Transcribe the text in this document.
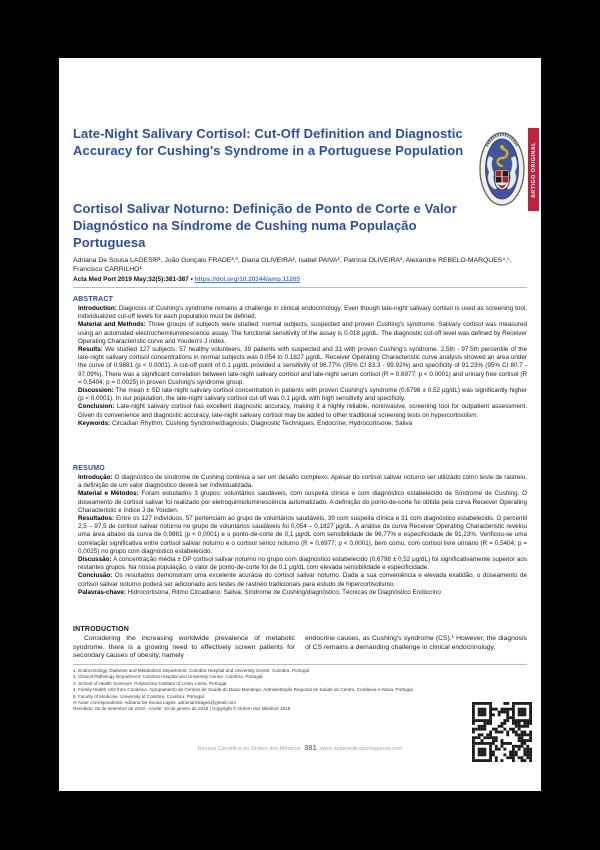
Late-Night Salivary Cortisol: Cut-Off Definition and Diagnostic Accuracy for Cushing's Syndrome in a Portuguese Population
Cortisol Salivar Noturno: Definição de Ponto de Corte e Valor Diagnóstico na Síndrome de Cushing numa População Portuguesa
Adriana De Sousa LAGES✉¹, João Gonçalo FRADE²,³, Diana OLIVEIRA¹, Isabel PAIVA¹, Patrícia OLIVEIRA¹, Alexandre REBELO-MARQUES⁴,⁵, Francisco CARRILHO¹
Acta Med Port 2019 May;32(5):381-387 • https://doi.org/10.20344/amp.11265
ABSTRACT

Introduction: Diagnosis of Cushing's syndrome remains a challenge in clinical endocrinology. Even though late-night salivary cortisol is used as screening tool, individualized cut-off levels for each population must be defined.

Material and Methods: Three groups of subjects were studied: normal subjects, suspected and proven Cushing's syndrome. Salivary cortisol was measured using an automated electrochemiluminescence assay. The functional sensitivity of the assay is 0.018 μg/dL. The diagnostic cut-off level was defined by Receiver Operating Characteristic curve and Youden's J index.

Results: We studied 127 subjects: 57 healthy volunteers, 39 patients with suspected and 31 with proven Cushing's syndrome. 2.5th - 97.5th percentile of the late-night salivary cortisol concentrations in normal subjects was 0.054 to 0.1827 μg/dL. Receiver Operating Characteristic curve analysis showed an area under the curve of 0.9881 (p < 0.0001). A cut-off point of 0.1 μg/dL provided a sensitivity of 96.77% (95% CI 83.3 - 99.92%) and specificity of 91.23% (95% CI 80.7 - 97.09%). There was a significant correlation between late-night salivary cortisol and late-night serum cortisol (R = 0.6977; p < 0.0001) and urinary free cortisol (R = 0.5404; p = 0.0025) in proven Cushing's syndrome group.

Discussion: The mean ± SD late-night salivary cortisol concentration in patients with proven Cushing's syndrome (0.6798 ± 0.52 μg/dL) was significantly higher (p < 0.0001). In our population, the late-night salivary cortisol cut-off was 0.1 μg/dL with high sensitivity and specificity.

Conclusion: Late-night salivary cortisol has excellent diagnostic accuracy, making it a highly reliable, noninvasive, screening tool for outpatient assessment. Given its convenience and diagnostic accuracy, late-night salivary cortisol may be added to other traditional screening tests on hypercortisolism.

Keywords: Circadian Rhythm; Cushing Syndrome/diagnosis; Diagnostic Techniques, Endocrine; Hydrocortisone; Saliva

RESUMO

Introdução: O diagnóstico de síndrome de Cushing continua a ser um desafio complexo. Apesar do cortisol salivar noturno ser utilizado como teste de rastreio, a definição de um valor diagnóstico deverá ser individualizada.

Material e Métodos: Foram estudados 3 grupos: voluntários saudáveis, com suspeita clínica e com diagnóstico estabelecido de Síndrome de Cushing. O doseamento de cortisol salivar foi realizado por eletroquimioluminescência automatizado. A definição do ponto-de-corte foi obtida pela curva Receiver Operating Characteristic e índice J de Youden.

Resultados: Entre os 127 indivíduos, 57 pertenciam ao grupo de voluntários saudáveis, 39 com suspeita clínica e 31 com diagnóstico estabelecido. O percentil 2,5 – 97,5 de cortisol salivar noturno no grupo de voluntários saudáveis foi 0,054 – 0,1827 μg/dL. A análise da curva Receiver Operating Characteristic revelou uma área abaixo da curva de 0,9881 (p < 0,0001) e o ponto-de-corte de 0,1 μg/dL com sensibilidade de 96,77% e especificidade de 91,23%. Verificou-se uma correlação significativa entre cortisol salivar noturno e o cortisol sérico noturno (R = 0,6977; p < 0,0001), bem como, com cortisol livre urinário (R = 0,5404; p = 0,0025) no grupo com diagnóstico estabelecido.

Discussão: A concentração média ± DP cortisol salivar noturno no grupo com diagnóstico estabelecido (0,6798 ± 0,52 μg/dL) foi significativamente superior aos restantes grupos. Na nossa população, o valor de ponto-de-corte foi de 0,1 μg/dL com elevada sensibilidade e especificidade.

Conclusão: Os resultados demonstram uma excelente acurácia do cortisol salivar noturno. Dada a sua conveniência e elevada exatidão, o doseamento de cortisol salivar noturno poderá ser adicionado aos testes de rastreio tradicionais para estudo de hipercortisolismo.

Palavras-chave: Hidrocortisona; Ritmo Circadiano; Saliva; Síndrome de Cushing/diagnóstico; Técnicas de Diagnóstico Endócrino

INTRODUCTION
Considering the increasing worldwide prevalence of metabolic syndrome, there is a growing need to effectively screen patients for secondary causes of obesity, namely
endocrine causes, as Cushing's syndrome (CS).¹ However, the diagnosis of CS remains a demanding challenge in clinical endocrinology.
1. Endocrinology, Diabetes and Metabolism Department. Coimbra Hospital and University Center. Coimbra. Portugal.
2. Clinical Pathology Department. Coimbra Hospital and University Center. Coimbra. Portugal.
3. School of Health Sciences. Polytechnic Institute of Leiria. Leiria. Portugal.
4. Family Health Unit from Condeixa. Agrupamento de Centros de Saúde do Baixo Mondego, Administração Regional de Saúde do Centro. Condeixa-A-Nova. Portugal.
5. Faculty of Medicine. University of Coimbra. Coimbra. Portugal.
✉ Autor correspondente: Adriana De Sousa Lages. adrianamslages@gmail.com
Recebido: 06 de setembro de 2018 - Aceite: 10 de janeiro de 2019 | Copyright © Ordem dos Médicos 2019
Revista Científica da Ordem dos Médicos 381 www.actamedicaportuguesa.com
ARTIGO ORIGINAL
